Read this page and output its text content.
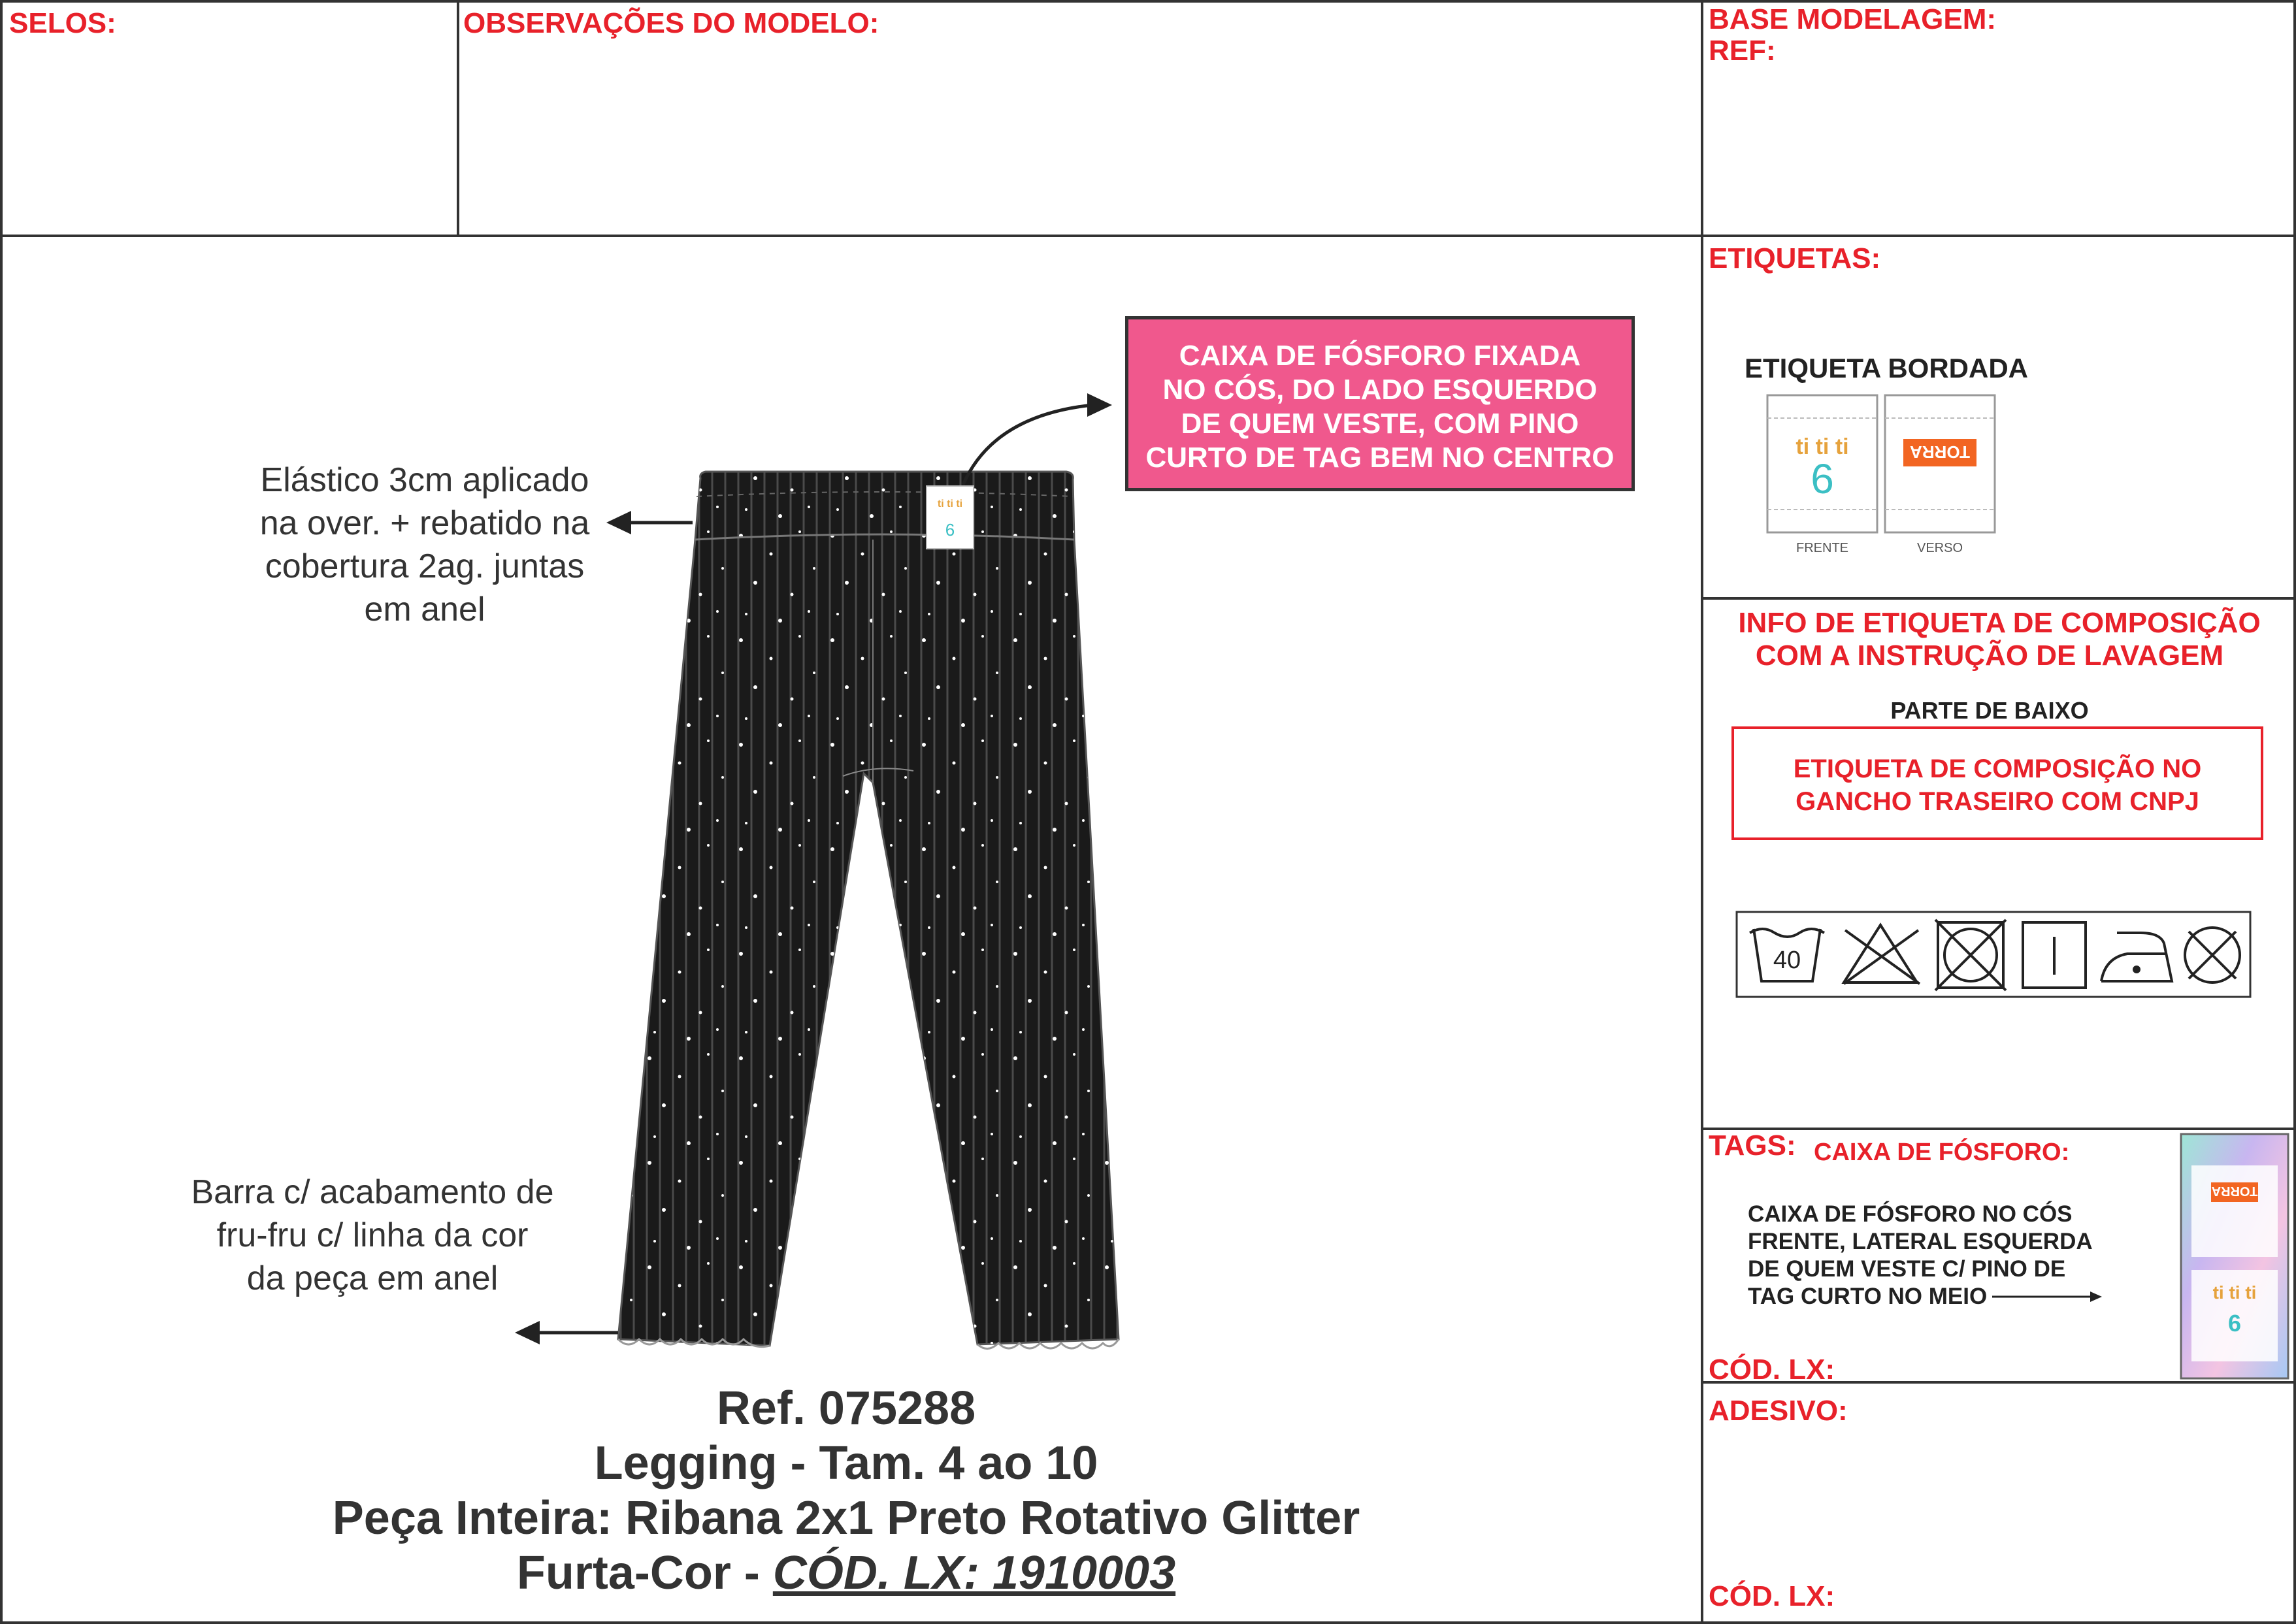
SELOS:	OBSERVAÇÕES DO MODELO:	BASE MODELAGEM:
REF:
ETIQUETAS:
ETIQUETA BORDADA
ti ti ti
6
TORRA
FRENTE	VERSO
INFO DE ETIQUETA DE COMPOSIÇÃO
COM A INSTRUÇÃO DE LAVAGEM
PARTE DE BAIXO
ETIQUETA DE COMPOSIÇÃO NO
GANCHO TRASEIRO COM CNPJ
40
TAGS: CAIXA DE FÓSFORO:
CAIXA DE FÓSFORO NO CÓS
FRENTE, LATERAL ESQUERDA
DE QUEM VESTE C/ PINO DE
TAG CURTO NO MEIO
CÓD. LX:
TORRA
ti ti ti
6
ADESIVO:
CÓD. LX:
CAIXA DE FÓSFORO FIXADA
NO CÓS, DO LADO ESQUERDO
DE QUEM VESTE, COM PINO
CURTO DE TAG BEM NO CENTRO
Elástico 3cm aplicado
na over. + rebatido na
cobertura 2ag. juntas
em anel
Barra c/ acabamento de
fru-fru c/ linha da cor
da peça em anel
ti ti ti
6
Ref. 075288
Legging - Tam. 4 ao 10
Peça Inteira: Ribana 2x1 Preto Rotativo Glitter
Furta-Cor - CÓD. LX: 1910003
